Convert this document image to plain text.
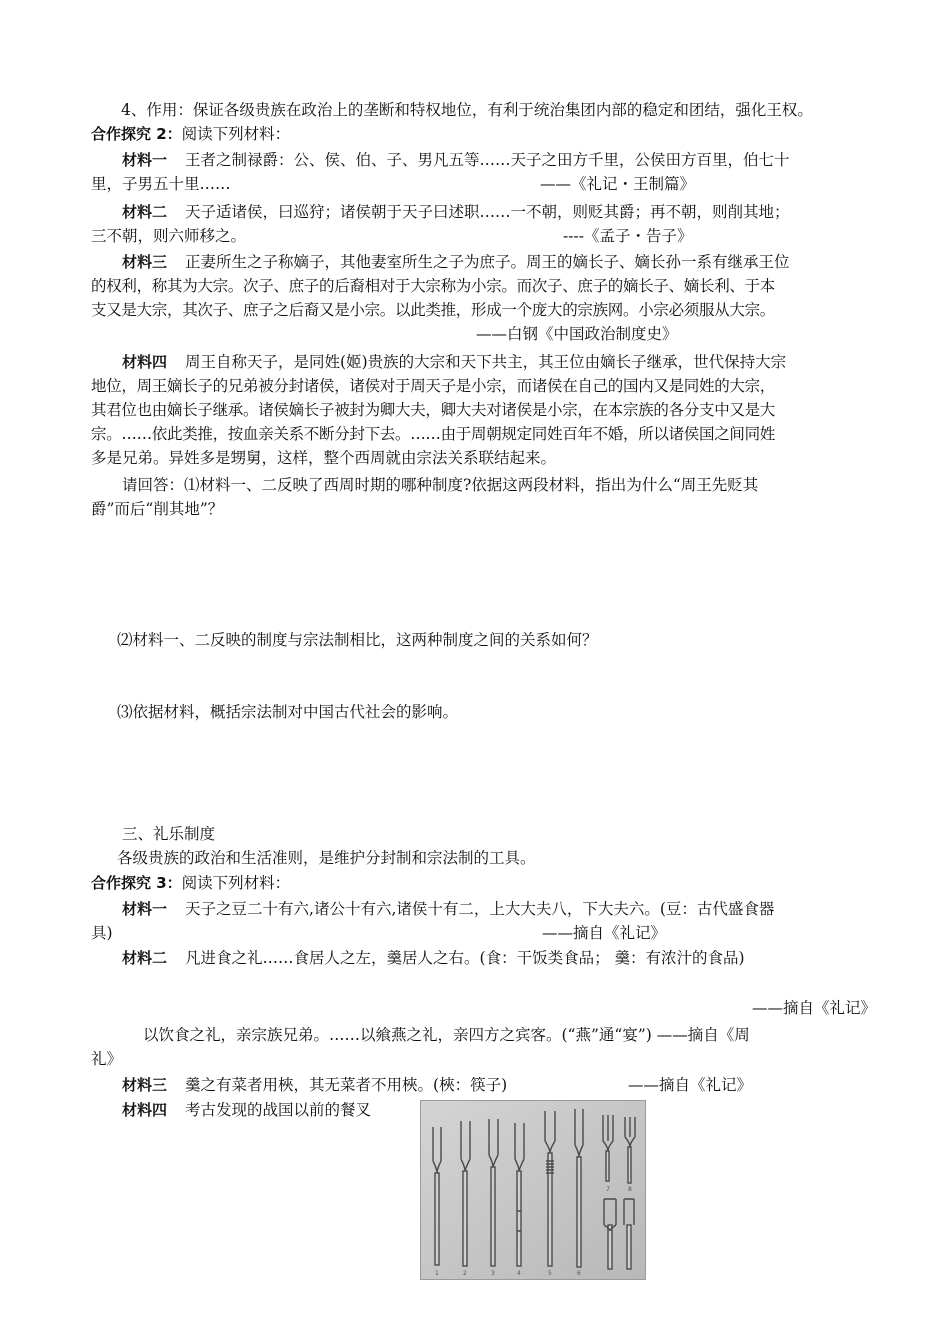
4、作用：保证各级贵族在政治上的垄断和特权地位，有利于统治集团内部的稳定和团结，强化王权。
合作探究 2：阅读下列材料：
材料一 王者之制禄爵：公、侯、伯、子、男凡五等……天子之田方千里，公侯田方百里，伯七十
里，子男五十里……	——《礼记・王制篇》
材料二 天子适诸侯，曰巡狩；诸侯朝于天子曰述职……一不朝，则贬其爵；再不朝，则削其地；
三不朝，则六师移之。	----《孟子・告子》
材料三 正妻所生之子称嫡子，其他妻室所生之子为庶子。周王的嫡长子、嫡长孙一系有继承王位
的权利，称其为大宗。次子、庶子的后裔相对于大宗称为小宗。而次子、庶子的嫡长子、嫡长利、于本
支又是大宗，其次子、庶子之后裔又是小宗。以此类推，形成一个庞大的宗族网。小宗必须服从大宗。
——白钢《中国政治制度史》
材料四 周王自称天子，是同姓(姬)贵族的大宗和天下共主，其王位由嫡长子继承，世代保持大宗
地位，周王嫡长子的兄弟被分封诸侯，诸侯对于周天子是小宗，而诸侯在自己的国内又是同姓的大宗，
其君位也由嫡长子继承。诸侯嫡长子被封为卿大夫，卿大夫对诸侯是小宗，在本宗族的各分支中又是大
宗。……依此类推，按血亲关系不断分封下去。……由于周朝规定同姓百年不婚，所以诸侯国之间同姓
多是兄弟。异姓多是甥舅，这样，整个西周就由宗法关系联结起来。
请回答：⑴材料一、二反映了西周时期的哪种制度?依据这两段材料，指出为什么“周王先贬其
爵”而后“削其地”？
⑵材料一、二反映的制度与宗法制相比，这两种制度之间的关系如何？
⑶依据材料，概括宗法制对中国古代社会的影响。
三、礼乐制度
各级贵族的政治和生活准则，是维护分封制和宗法制的工具。
合作探究 3：阅读下列材料：
材料一 天子之豆二十有六,诸公十有六,诸侯十有二，上大大夫八，下大夫六。(豆：古代盛食器
具)	——摘自《礼记》
材料二 凡进食之礼……食居人之左，羹居人之右。(食：干饭类食品； 羹：有浓汁的食品)
——摘自《礼记》
以饮食之礼，亲宗族兄弟。……以飨燕之礼，亲四方之宾客。(“燕”通“宴”) ——摘自《周
礼》
材料三 羹之有菜者用梜，其无菜者不用梜。(梜：筷子)	——摘自《礼记》
材料四 考古发现的战国以前的餐叉
1	2	3	4	5	6
7	8
